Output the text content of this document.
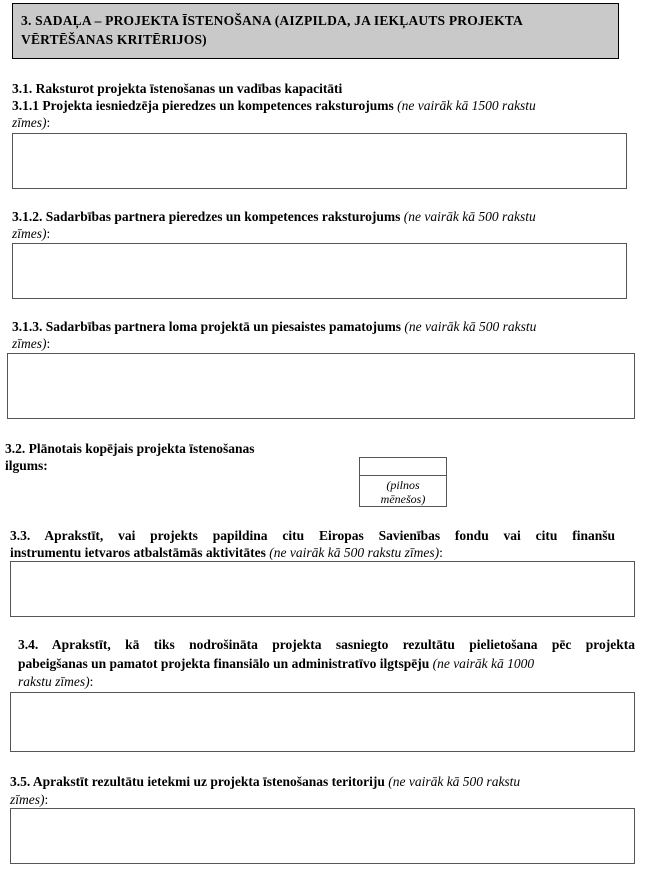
3. SADAĻA – PROJEKTA ĪSTENOŠANA (AIZPILDA, JA IEKĻAUTS PROJEKTA
VĒRTĒŠANAS KRITĒRIJOS)
3.1. Raksturot projekta īstenošanas un vadības kapacitāti
3.1.1 Projekta iesniedzēja pieredzes un kompetences raksturojums (ne vairāk kā 1500 rakstu
zīmes):
3.1.2. Sadarbības partnera pieredzes un kompetences raksturojums (ne vairāk kā 500 rakstu
zīmes):
3.1.3. Sadarbības partnera loma projektā un piesaistes pamatojums (ne vairāk kā 500 rakstu
zīmes):
3.2. Plānotais kopējais projekta īstenošanas
ilgums:
(pilnos
mēnešos)
3.3. Aprakstīt, vai projekts papildina citu Eiropas Savienības fondu vai citu finanšu
instrumentu ietvaros atbalstāmās aktivitātes (ne vairāk kā 500 rakstu zīmes):
3.4. Aprakstīt, kā tiks nodrošināta projekta sasniegto rezultātu pielietošana pēc projekta
pabeigšanas un pamatot projekta finansiālo un administratīvo ilgtspēju (ne vairāk kā 1000
rakstu zīmes):
3.5. Aprakstīt rezultātu ietekmi uz projekta īstenošanas teritoriju (ne vairāk kā 500 rakstu
zīmes):
